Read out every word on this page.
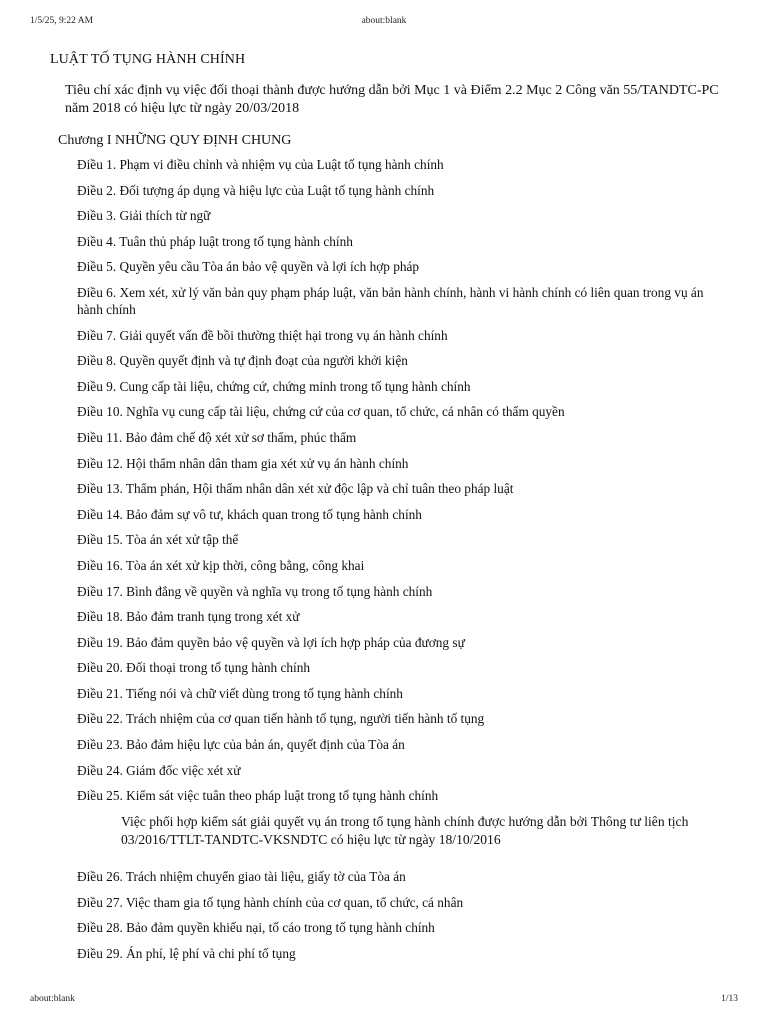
1/5/25, 9:22 AM	about:blank
LUẬT TỐ TỤNG HÀNH CHÍNH
Tiêu chí xác định vụ việc đối thoại thành được hướng dẫn bởi Mục 1 và Điểm 2.2 Mục 2 Công văn 55/TANDTC-PC năm 2018 có hiệu lực từ ngày 20/03/2018
Chương I NHỮNG QUY ĐỊNH CHUNG
Điều 1. Phạm vi điều chỉnh và nhiệm vụ của Luật tố tụng hành chính
Điều 2. Đối tượng áp dụng và hiệu lực của Luật tố tụng hành chính
Điều 3. Giải thích từ ngữ
Điều 4. Tuân thủ pháp luật trong tố tụng hành chính
Điều 5. Quyền yêu cầu Tòa án bảo vệ quyền và lợi ích hợp pháp
Điều 6. Xem xét, xử lý văn bản quy phạm pháp luật, văn bản hành chính, hành vi hành chính có liên quan trong vụ án hành chính
Điều 7. Giải quyết vấn đề bồi thường thiệt hại trong vụ án hành chính
Điều 8. Quyền quyết định và tự định đoạt của người khởi kiện
Điều 9. Cung cấp tài liệu, chứng cứ, chứng minh trong tố tụng hành chính
Điều 10. Nghĩa vụ cung cấp tài liệu, chứng cứ của cơ quan, tổ chức, cá nhân có thẩm quyền
Điều 11. Bảo đảm chế độ xét xử sơ thẩm, phúc thẩm
Điều 12. Hội thẩm nhân dân tham gia xét xử vụ án hành chính
Điều 13. Thẩm phán, Hội thẩm nhân dân xét xử độc lập và chỉ tuân theo pháp luật
Điều 14. Bảo đảm sự vô tư, khách quan trong tố tụng hành chính
Điều 15. Tòa án xét xử tập thể
Điều 16. Tòa án xét xử kịp thời, công bằng, công khai
Điều 17. Bình đẳng về quyền và nghĩa vụ trong tố tụng hành chính
Điều 18. Bảo đảm tranh tụng trong xét xử
Điều 19. Bảo đảm quyền bảo vệ quyền và lợi ích hợp pháp của đương sự
Điều 20. Đối thoại trong tố tụng hành chính
Điều 21. Tiếng nói và chữ viết dùng trong tố tụng hành chính
Điều 22. Trách nhiệm của cơ quan tiến hành tố tụng, người tiến hành tố tụng
Điều 23. Bảo đảm hiệu lực của bản án, quyết định của Tòa án
Điều 24. Giám đốc việc xét xử
Điều 25. Kiểm sát việc tuân theo pháp luật trong tố tụng hành chính
Việc phối hợp kiểm sát giải quyết vụ án trong tố tụng hành chính được hướng dẫn bởi Thông tư liên tịch 03/2016/TTLT-TANDTC-VKSNDTC có hiệu lực từ ngày 18/10/2016
Điều 26. Trách nhiệm chuyển giao tài liệu, giấy tờ của Tòa án
Điều 27. Việc tham gia tố tụng hành chính của cơ quan, tổ chức, cá nhân
Điều 28. Bảo đảm quyền khiếu nại, tố cáo trong tố tụng hành chính
Điều 29. Án phí, lệ phí và chi phí tố tụng
about:blank	1/13
